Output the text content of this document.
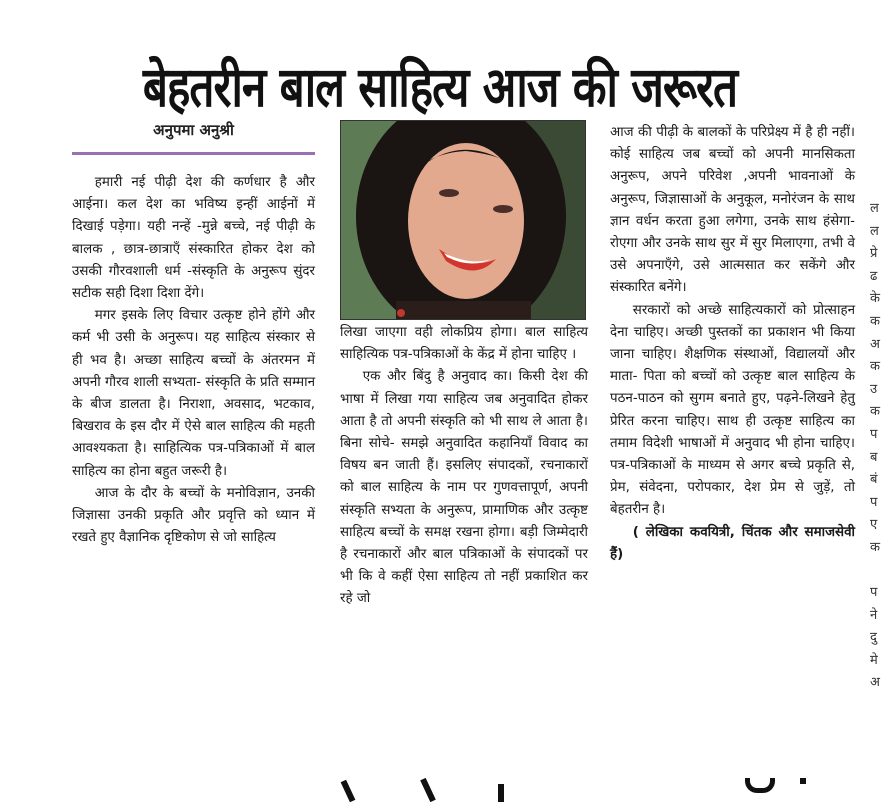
बेहतरीन बाल साहित्य आज की जरूरत
अनुपमा अनुश्री

हमारी नई पीढ़ी देश की कर्णधार है और आईना। कल देश का भविष्य इन्हीं आईनों में दिखाई पड़ेगा। यही नन्हें -मुन्ने बच्चे, नई पीढ़ी के बालक , छात्र-छात्राएँ संस्कारित होकर देश को उसकी गौरवशाली धर्म -संस्कृति के अनुरूप सुंदर सटीक सही दिशा दिशा देंगे।

मगर इसके लिए विचार उत्कृष्ट होने होंगे और कर्म भी उसी के अनुरूप। यह साहित्य संस्कार से ही भव है। अच्छा साहित्य बच्चों के अंतरमन में अपनी गौरव शाली सभ्यता- संस्कृति के प्रति सम्मान के बीज डालता है। निराशा, अवसाद, भटकाव, बिखराव के इस दौर में ऐसे बाल साहित्य की महती आवश्यकता है। साहित्यिक पत्र-पत्रिकाओं में बाल साहित्य का होना बहुत जरूरी है।

आज के दौर के बच्चों के मनोविज्ञान, उनकी जिज्ञासा उनकी प्रकृति और प्रवृत्ति को ध्यान में रखते हुए वैज्ञानिक दृष्टिकोण से जो साहित्य

लिखा जाएगा वही लोकप्रिय होगा। बाल साहित्य साहित्यिक पत्र-पत्रिकाओं के केंद्र में होना चाहिए ।

एक और बिंदु है अनुवाद का। किसी देश की भाषा में लिखा गया साहित्य जब अनुवादित होकर आता है तो अपनी संस्कृति को भी साथ ले आता है। बिना सोचे- समझे अनुवादित कहानियाँ विवाद का विषय बन जाती हैं। इसलिए संपादकों, रचनाकारों को बाल साहित्य के नाम पर गुणवत्तापूर्ण, अपनी संस्कृति सभ्यता के अनुरूप, प्रामाणिक और उत्कृष्ट साहित्य बच्चों के समक्ष रखना होगा। बड़ी जिम्मेदारी है रचनाकारों और बाल पत्रिकाओं के संपादकों पर भी कि वे कहीं ऐसा साहित्य तो नहीं प्रकाशित कर रहे जो

आज की पीढ़ी के बालकों के परिप्रेक्ष्य में है ही नहीं। कोई साहित्य जब बच्चों को अपनी मानसिकता अनुरूप, अपने परिवेश ,अपनी भावनाओं के अनुरूप, जिज्ञासाओं के अनुकूल, मनोरंजन के साथ ज्ञान वर्धन करता हुआ लगेगा, उनके साथ हंसेगा- रोएगा और उनके साथ सुर में सुर मिलाएगा, तभी वे उसे अपनाएँगे, उसे आत्मसात कर सकेंगे और संस्कारित बनेंगे।

सरकारों को अच्छे साहित्यकारों को प्रोत्साहन देना चाहिए। अच्छी पुस्तकों का प्रकाशन भी किया जाना चाहिए। शैक्षणिक संस्थाओं, विद्यालयों और माता- पिता को बच्चों को उत्कृष्ट बाल साहित्य के पठन-पाठन को सुगम बनाते हुए, पढ़ने-लिखने हेतु प्रेरित करना चाहिए। साथ ही उत्कृष्ट साहित्य का तमाम विदेशी भाषाओं में अनुवाद भी होना चाहिए। पत्र-पत्रिकाओं के माध्यम से अगर बच्चे प्रकृति से, प्रेम, संवेदना, परोपकार, देश प्रेम से जुड़ें, तो बेहतरीन है।

( लेखिका कवयित्री, चिंतक और समाजसेवी हैं)

ल
ल
प्रे
ढ
के
क
अ
क
उ
क
प
ब
बं
प
ए
क

प
ने
दु
मे
अ
